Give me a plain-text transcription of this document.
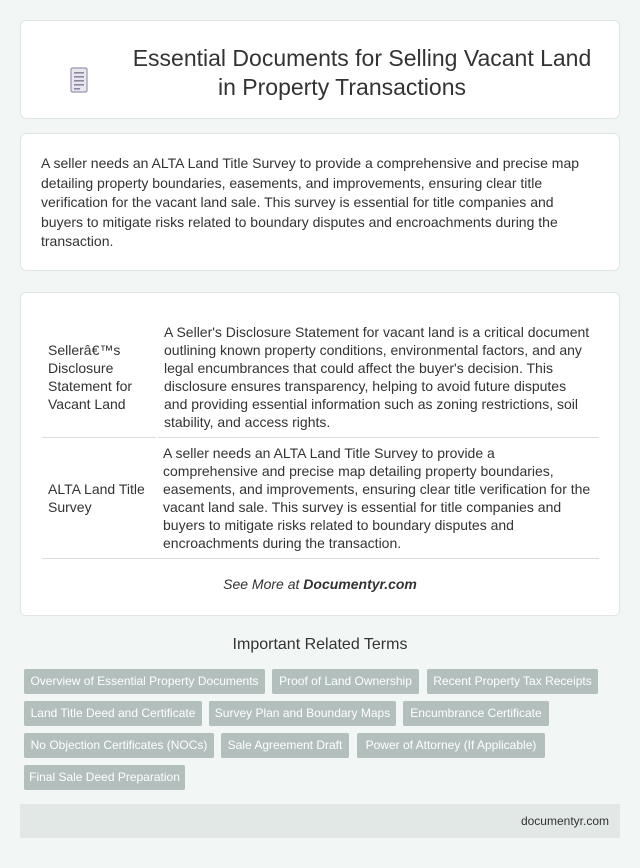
Essential Documents for Selling Vacant Land in Property Transactions

A seller needs an ALTA Land Title Survey to provide a comprehensive and precise map detailing property boundaries, easements, and improvements, ensuring clear title verification for the vacant land sale. This survey is essential for title companies and buyers to mitigate risks related to boundary disputes and encroachments during the transaction.

Sellerâ€™s Disclosure Statement for Vacant Land	A Seller's Disclosure Statement for vacant land is a critical document outlining known property conditions, environmental factors, and any legal encumbrances that could affect the buyer's decision. This disclosure ensures transparency, helping to avoid future disputes and providing essential information such as zoning restrictions, soil stability, and access rights.
ALTA Land Title Survey	A seller needs an ALTA Land Title Survey to provide a comprehensive and precise map detailing property boundaries, easements, and improvements, ensuring clear title verification for the vacant land sale. This survey is essential for title companies and buyers to mitigate risks related to boundary disputes and encroachments during the transaction.
See More at Documentyr.com
Important Related Terms
Overview of Essential Property Documents	Proof of Land Ownership	Recent Property Tax Receipts
Land Title Deed and Certificate	Survey Plan and Boundary Maps	Encumbrance Certificate
No Objection Certificates (NOCs)	Sale Agreement Draft	Power of Attorney (If Applicable)
Final Sale Deed Preparation
documentyr.com
